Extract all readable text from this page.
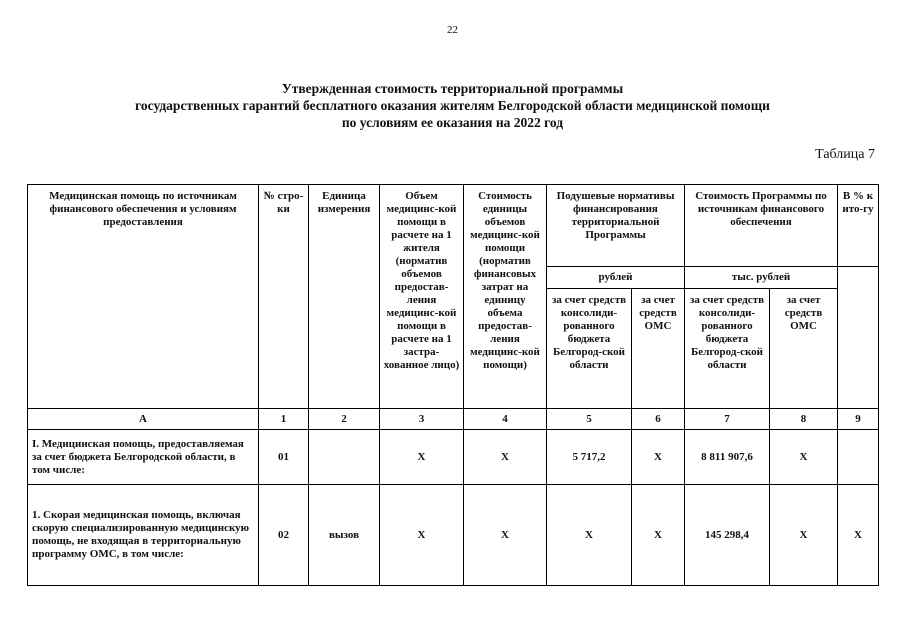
22
Утвержденная стоимость территориальной программы
государственных гарантий бесплатного оказания жителям Белгородской области медицинской помощи
по условиям ее оказания на 2022 год
Таблица 7
Медицинская помощь по источникам финансового обеспечения и условиям предоставления	№ стро-ки	Единица измерения	Объем медицинс-кой помощи в расчете на 1 жителя (норматив объемов предостав-ления медицинс-кой помощи в расчете на 1 застра-хованное лицо)	Стоимость единицы объемов медицинс-кой помощи (норматив финансовых затрат на единицу объема предостав-ления медицинс-кой помощи)	Подушевые нормативы финансирования территориальной Программы		Стоимость Программы по источникам финансового обеспечения		В % к ито-гу
					рублей		тыс. рублей		
					за счет средств консолиди-рованного бюджета Белгород-ской области	за счет средств ОМС	за счет средств консолиди-рованного бюджета Белгород-ской области	за счет средств ОМС	
А	1	2	3	4	5	6	7	8	9
I. Медицинская помощь, предоставляемая за счет бюджета Белгородской области, в том числе:	01		Х	Х	5 717,2	Х	8 811 907,6	Х	
1. Скорая медицинская помощь, включая скорую специализированную медицинскую помощь, не входящая в территориальную программу ОМС, в том числе:	02	вызов	Х	Х	Х	Х	145 298,4	Х	Х
